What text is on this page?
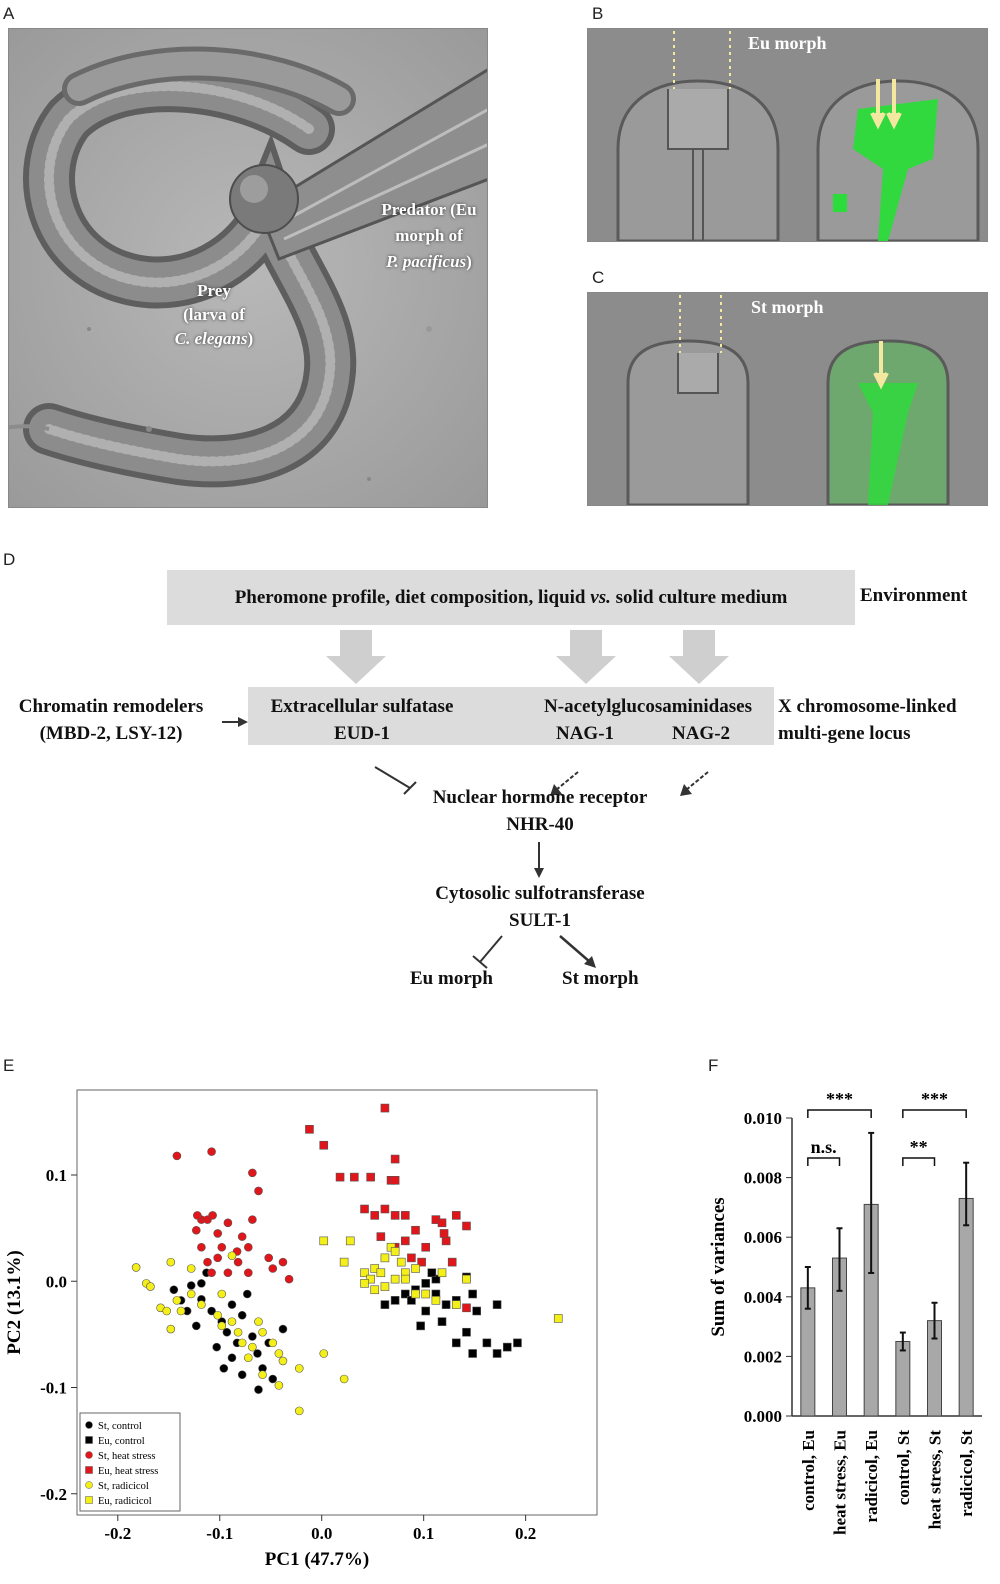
A	B
C
D
E	F
Predator (Eu
morph of
P. pacificus)
Prey
(larva of
C. elegans)
Eu morph
St morph
Pheromone profile, diet composition, liquid vs. solid culture medium	Environment
Chromatin remodelers
(MBD-2, LSY-12)
Extracellular sulfatase
EUD-1
N-acetylglucosaminidases
NAG-1	NAG-2
X chromosome-linked
multi-gene locus
Nuclear hormone receptor
NHR-40
Cytosolic sulfotransferase
SULT-1
Eu morph	St morph
-0.2	-0.1	0.0	0.1	0.2
-0.2
-0.1
0.0
0.1
PC1 (47.7%)
PC2 (13.1%)
St, control
Eu, control
St, heat stress
Eu, heat stress
St, radicicol
Eu, radicicol
0.000
0.002
0.004
0.006
0.008
0.010
Sum of variances
control, Eu heat stress, Eu radicicol, Eu control, St heat stress, St radicicol, St
n.s.
***
**
***
